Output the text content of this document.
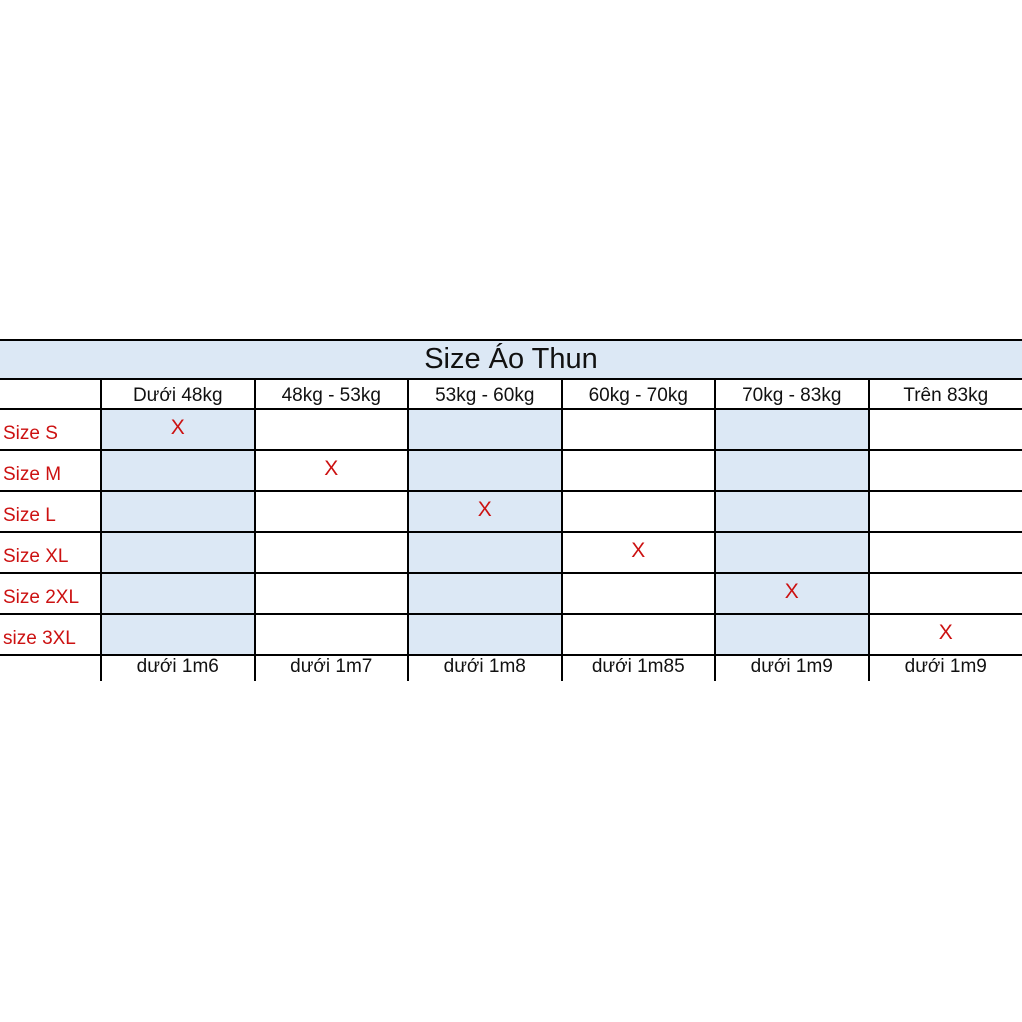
Size Áo Thun
	Dưới 48kg	48kg - 53kg	53kg - 60kg	60kg - 70kg	70kg - 83kg	Trên 83kg
Size S	X					
Size M		X				
Size L			X			
Size XL				X		
Size 2XL					X	
size 3XL						X
	dưới 1m6	dưới 1m7	dưới 1m8	dưới 1m85	dưới 1m9	dưới 1m9
